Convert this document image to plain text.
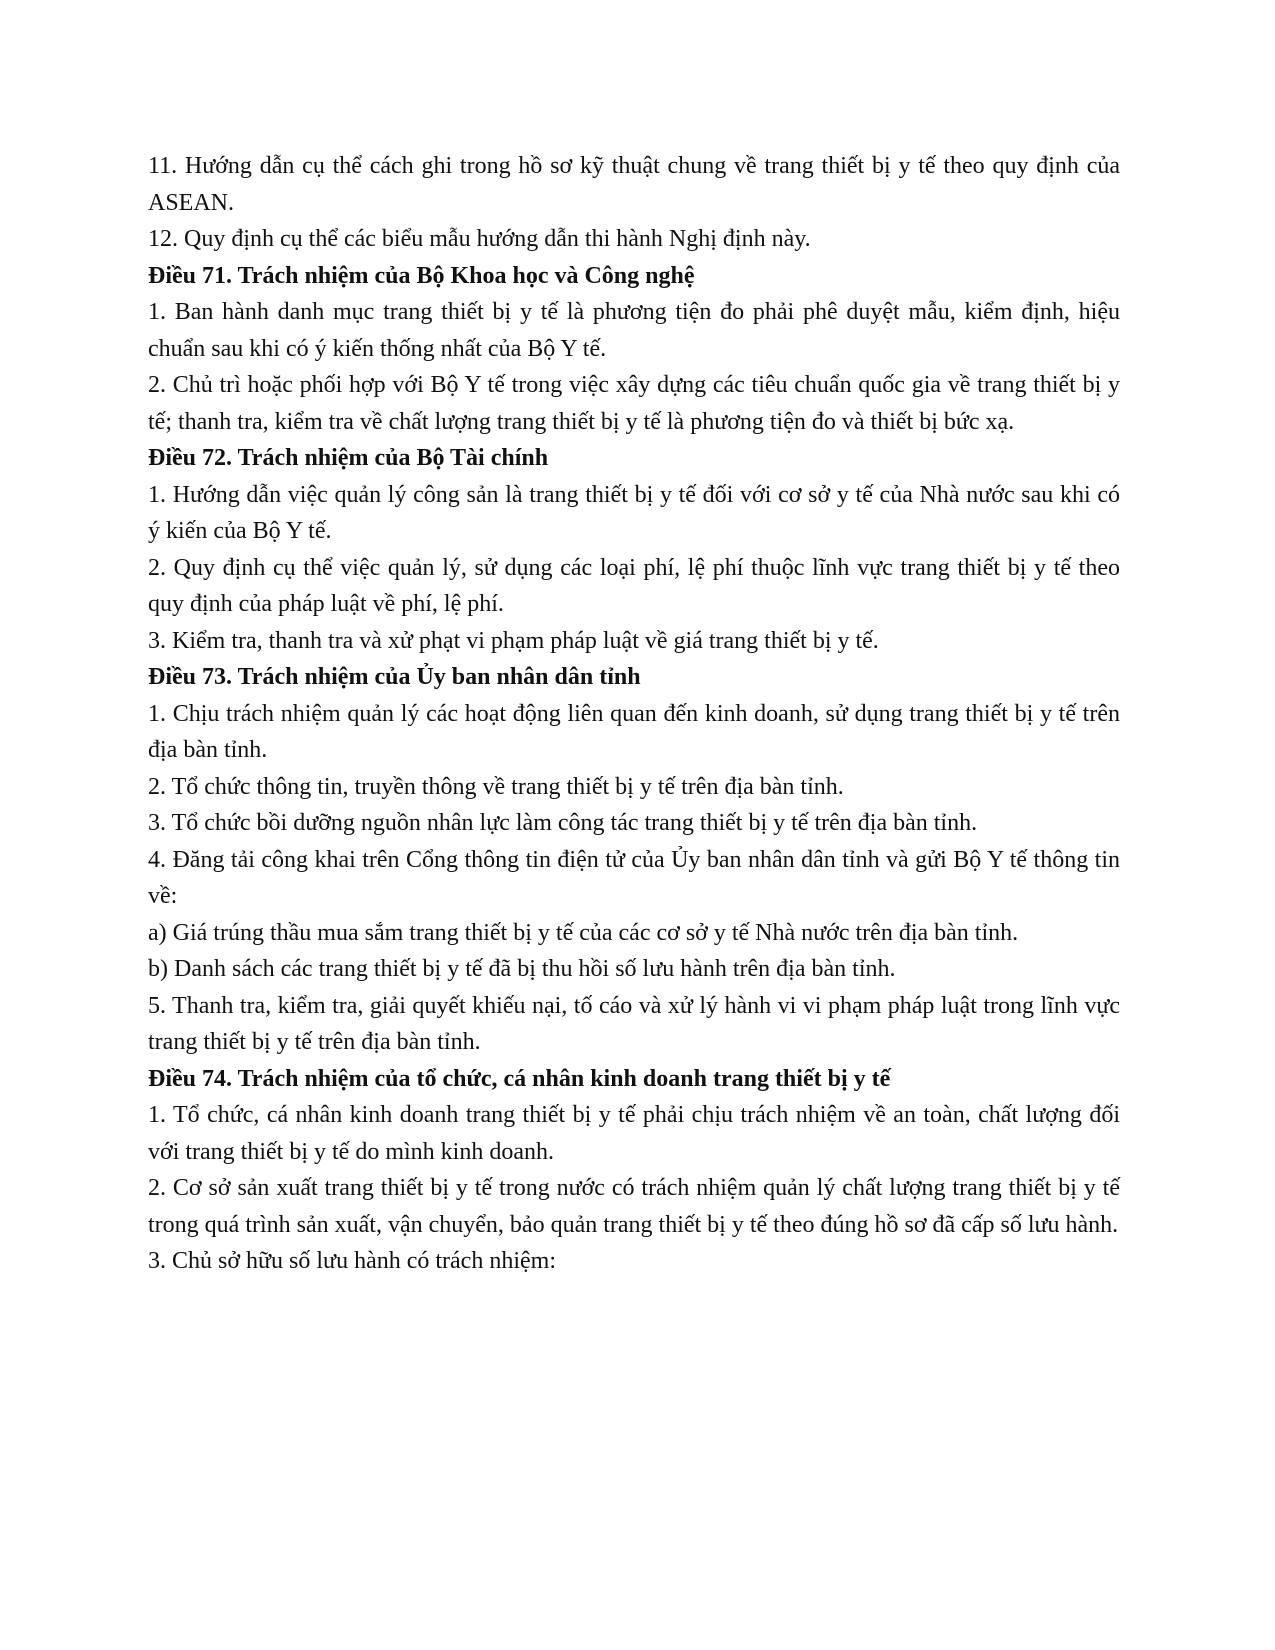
11. Hướng dẫn cụ thể cách ghi trong hồ sơ kỹ thuật chung về trang thiết bị y tế theo quy định của ASEAN.

12. Quy định cụ thể các biểu mẫu hướng dẫn thi hành Nghị định này.

Điều 71. Trách nhiệm của Bộ Khoa học và Công nghệ

1. Ban hành danh mục trang thiết bị y tế là phương tiện đo phải phê duyệt mẫu, kiểm định, hiệu chuẩn sau khi có ý kiến thống nhất của Bộ Y tế.

2. Chủ trì hoặc phối hợp với Bộ Y tế trong việc xây dựng các tiêu chuẩn quốc gia về trang thiết bị y tế; thanh tra, kiểm tra về chất lượng trang thiết bị y tế là phương tiện đo và thiết bị bức xạ.

Điều 72. Trách nhiệm của Bộ Tài chính

1. Hướng dẫn việc quản lý công sản là trang thiết bị y tế đối với cơ sở y tế của Nhà nước sau khi có ý kiến của Bộ Y tế.

2. Quy định cụ thể việc quản lý, sử dụng các loại phí, lệ phí thuộc lĩnh vực trang thiết bị y tế theo quy định của pháp luật về phí, lệ phí.

3. Kiểm tra, thanh tra và xử phạt vi phạm pháp luật về giá trang thiết bị y tế.

Điều 73. Trách nhiệm của Ủy ban nhân dân tỉnh

1. Chịu trách nhiệm quản lý các hoạt động liên quan đến kinh doanh, sử dụng trang thiết bị y tế trên địa bàn tỉnh.

2. Tổ chức thông tin, truyền thông về trang thiết bị y tế trên địa bàn tỉnh.

3. Tổ chức bồi dưỡng nguồn nhân lực làm công tác trang thiết bị y tế trên địa bàn tỉnh.

4. Đăng tải công khai trên Cổng thông tin điện tử của Ủy ban nhân dân tỉnh và gửi Bộ Y tế thông tin về:

a) Giá trúng thầu mua sắm trang thiết bị y tế của các cơ sở y tế Nhà nước trên địa bàn tỉnh.

b) Danh sách các trang thiết bị y tế đã bị thu hồi số lưu hành trên địa bàn tỉnh.

5. Thanh tra, kiểm tra, giải quyết khiếu nại, tố cáo và xử lý hành vi vi phạm pháp luật trong lĩnh vực trang thiết bị y tế trên địa bàn tỉnh.

Điều 74. Trách nhiệm của tổ chức, cá nhân kinh doanh trang thiết bị y tế

1. Tổ chức, cá nhân kinh doanh trang thiết bị y tế phải chịu trách nhiệm về an toàn, chất lượng đối với trang thiết bị y tế do mình kinh doanh.

2. Cơ sở sản xuất trang thiết bị y tế trong nước có trách nhiệm quản lý chất lượng trang thiết bị y tế trong quá trình sản xuất, vận chuyển, bảo quản trang thiết bị y tế theo đúng hồ sơ đã cấp số lưu hành.

3. Chủ sở hữu số lưu hành có trách nhiệm:
